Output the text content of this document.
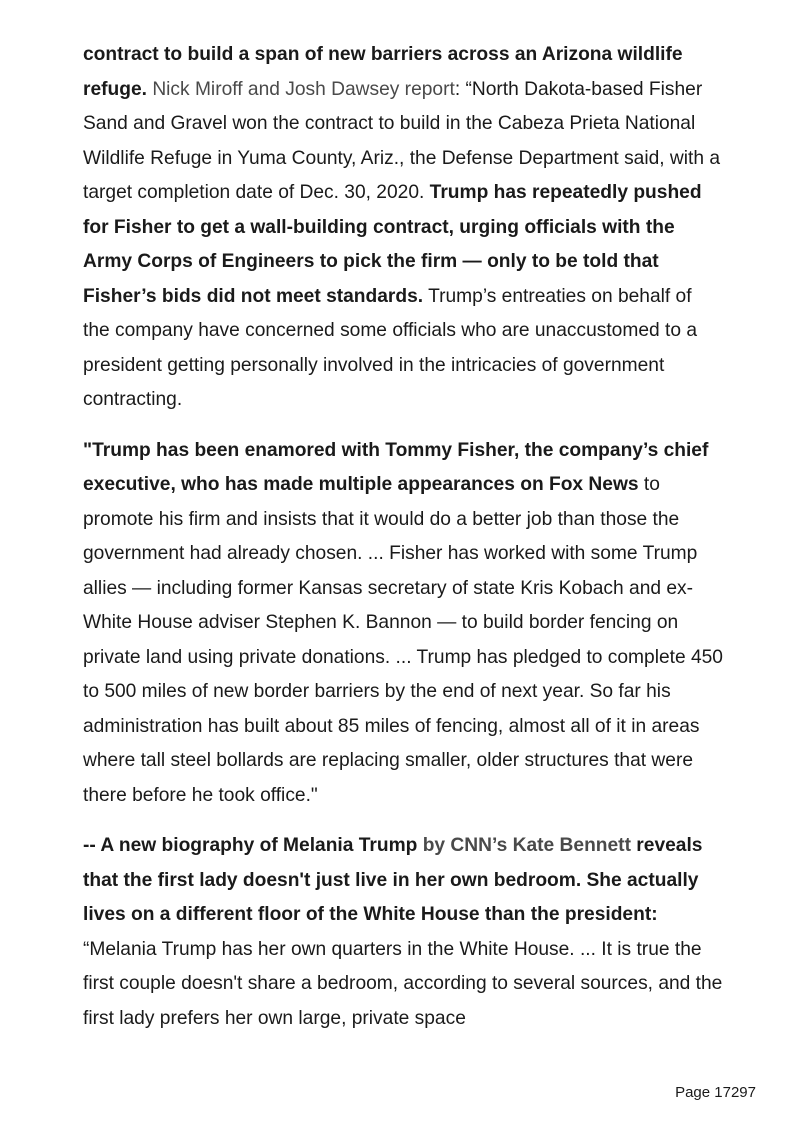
contract to build a span of new barriers across an Arizona wildlife refuge. Nick Miroff and Josh Dawsey report: “North Dakota-based Fisher Sand and Gravel won the contract to build in the Cabeza Prieta National Wildlife Refuge in Yuma County, Ariz., the Defense Department said, with a target completion date of Dec. 30, 2020. Trump has repeatedly pushed for Fisher to get a wall-building contract, urging officials with the Army Corps of Engineers to pick the firm — only to be told that Fisher’s bids did not meet standards. Trump’s entreaties on behalf of the company have concerned some officials who are unaccustomed to a president getting personally involved in the intricacies of government contracting.

"Trump has been enamored with Tommy Fisher, the company’s chief executive, who has made multiple appearances on Fox News to promote his firm and insists that it would do a better job than those the government had already chosen. ... Fisher has worked with some Trump allies — including former Kansas secretary of state Kris Kobach and ex-White House adviser Stephen K. Bannon — to build border fencing on private land using private donations. ... Trump has pledged to complete 450 to 500 miles of new border barriers by the end of next year. So far his administration has built about 85 miles of fencing, almost all of it in areas where tall steel bollards are replacing smaller, older structures that were there before he took office."

-- A new biography of Melania Trump by CNN’s Kate Bennett reveals that the first lady doesn't just live in her own bedroom. She actually lives on a different floor of the White House than the president: “Melania Trump has her own quarters in the White House. ... It is true the first couple doesn't share a bedroom, according to several sources, and the first lady prefers her own large, private space

Page 17297
